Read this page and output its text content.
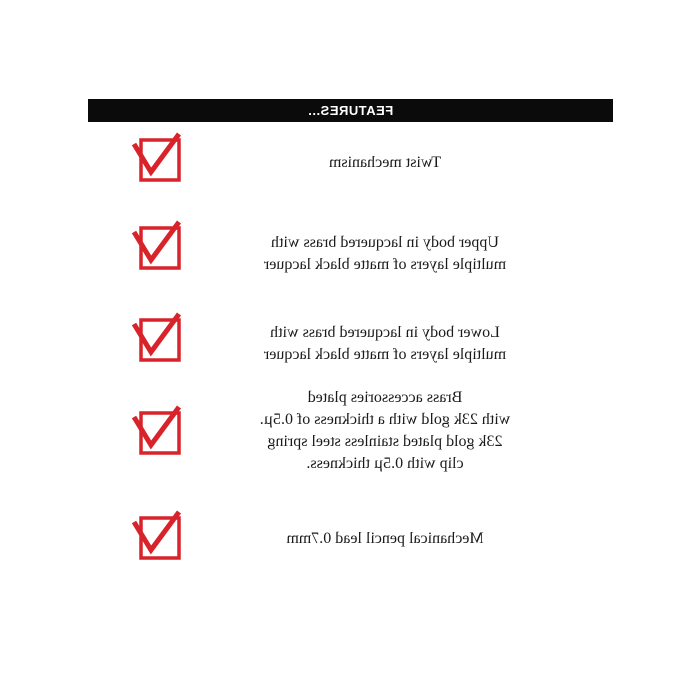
FEATURES...
Twist mechanism
Upper body in lacquered brass with
multiple layers of matte black lacquer
Lower body in lacquered brass with
multiple layers of matte black lacquer
Brass accessories plated
with 23k gold with a thickness of 0.5µ.
23k gold plated stainless steel spring
clip with 0.5µ thickness.
Mechanical pencil lead 0.7mm
